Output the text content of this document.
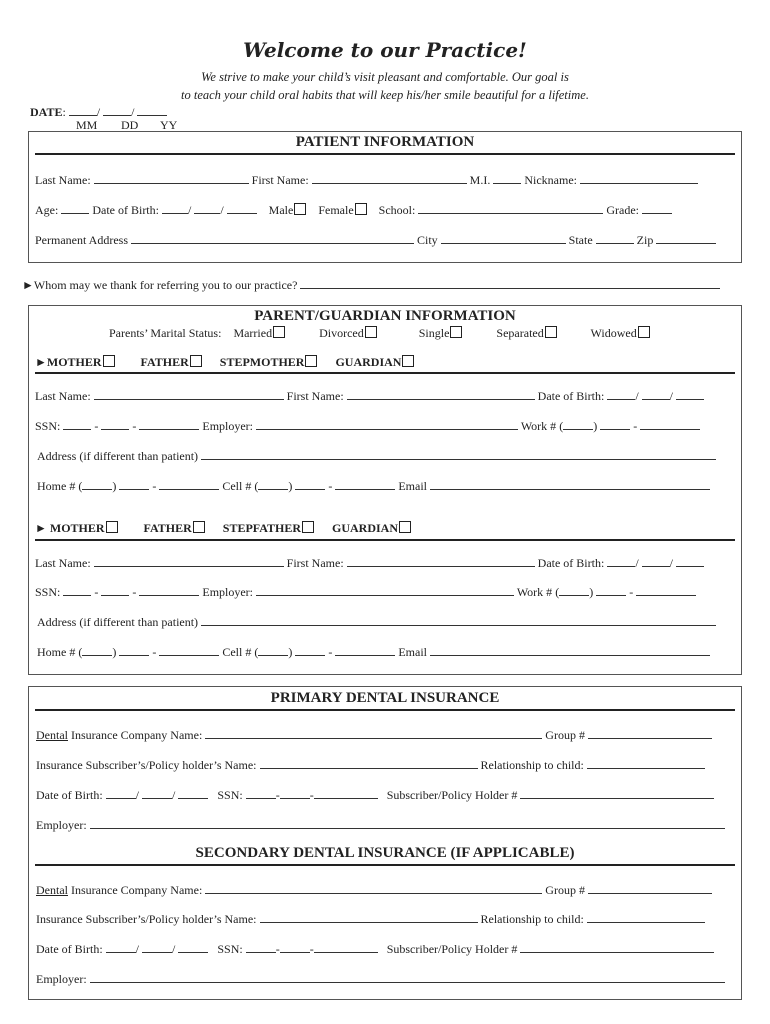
Welcome to our Practice!
We strive to make your child’s visit pleasant and comfortable. Our goal is
to teach your child oral habits that will keep his/her smile beautiful for a lifetime.
DATE: / /
MM DD YY
PATIENT INFORMATION
Last Name:	First Name:	M.I.	Nickname:
Age:	Date of Birth: / /	Male Female School:	Grade:
Permanent Address	City	State	Zip
►Whom may we thank for referring you to our practice?
PARENT/GUARDIAN INFORMATION
Parents’ Marital Status: Married	Divorced	Single	Separated	Widowed
►MOTHER	FATHER	STEPMOTHER	GUARDIAN
Last Name:	First Name:	Date of Birth:	/ /
SSN:	-  -	Employer:	Work # (	)	-
Address (if different than patient)
Home # (	)	-	Cell # (	)	-	Email
► MOTHER	FATHER	STEPFATHER	GUARDIAN
Last Name:	First Name:	Date of Birth:	/ /
SSN:	-  -	Employer:	Work # (	)	-
Address (if different than patient)
Home # (	)	-	Cell # (	)	-	Email
PRIMARY DENTAL INSURANCE
Dental Insurance Company Name:	Group #
Insurance Subscriber’s/Policy holder’s Name:	Relationship to child:
Date of Birth:	/	/	SSN:	-	-	Subscriber/Policy Holder #
Employer:
SECONDARY DENTAL INSURANCE (IF APPLICABLE)
Dental Insurance Company Name:	Group #
Insurance Subscriber’s/Policy holder’s Name:	Relationship to child:
Date of Birth:	/	/	SSN:	-	-	Subscriber/Policy Holder #
Employer:
